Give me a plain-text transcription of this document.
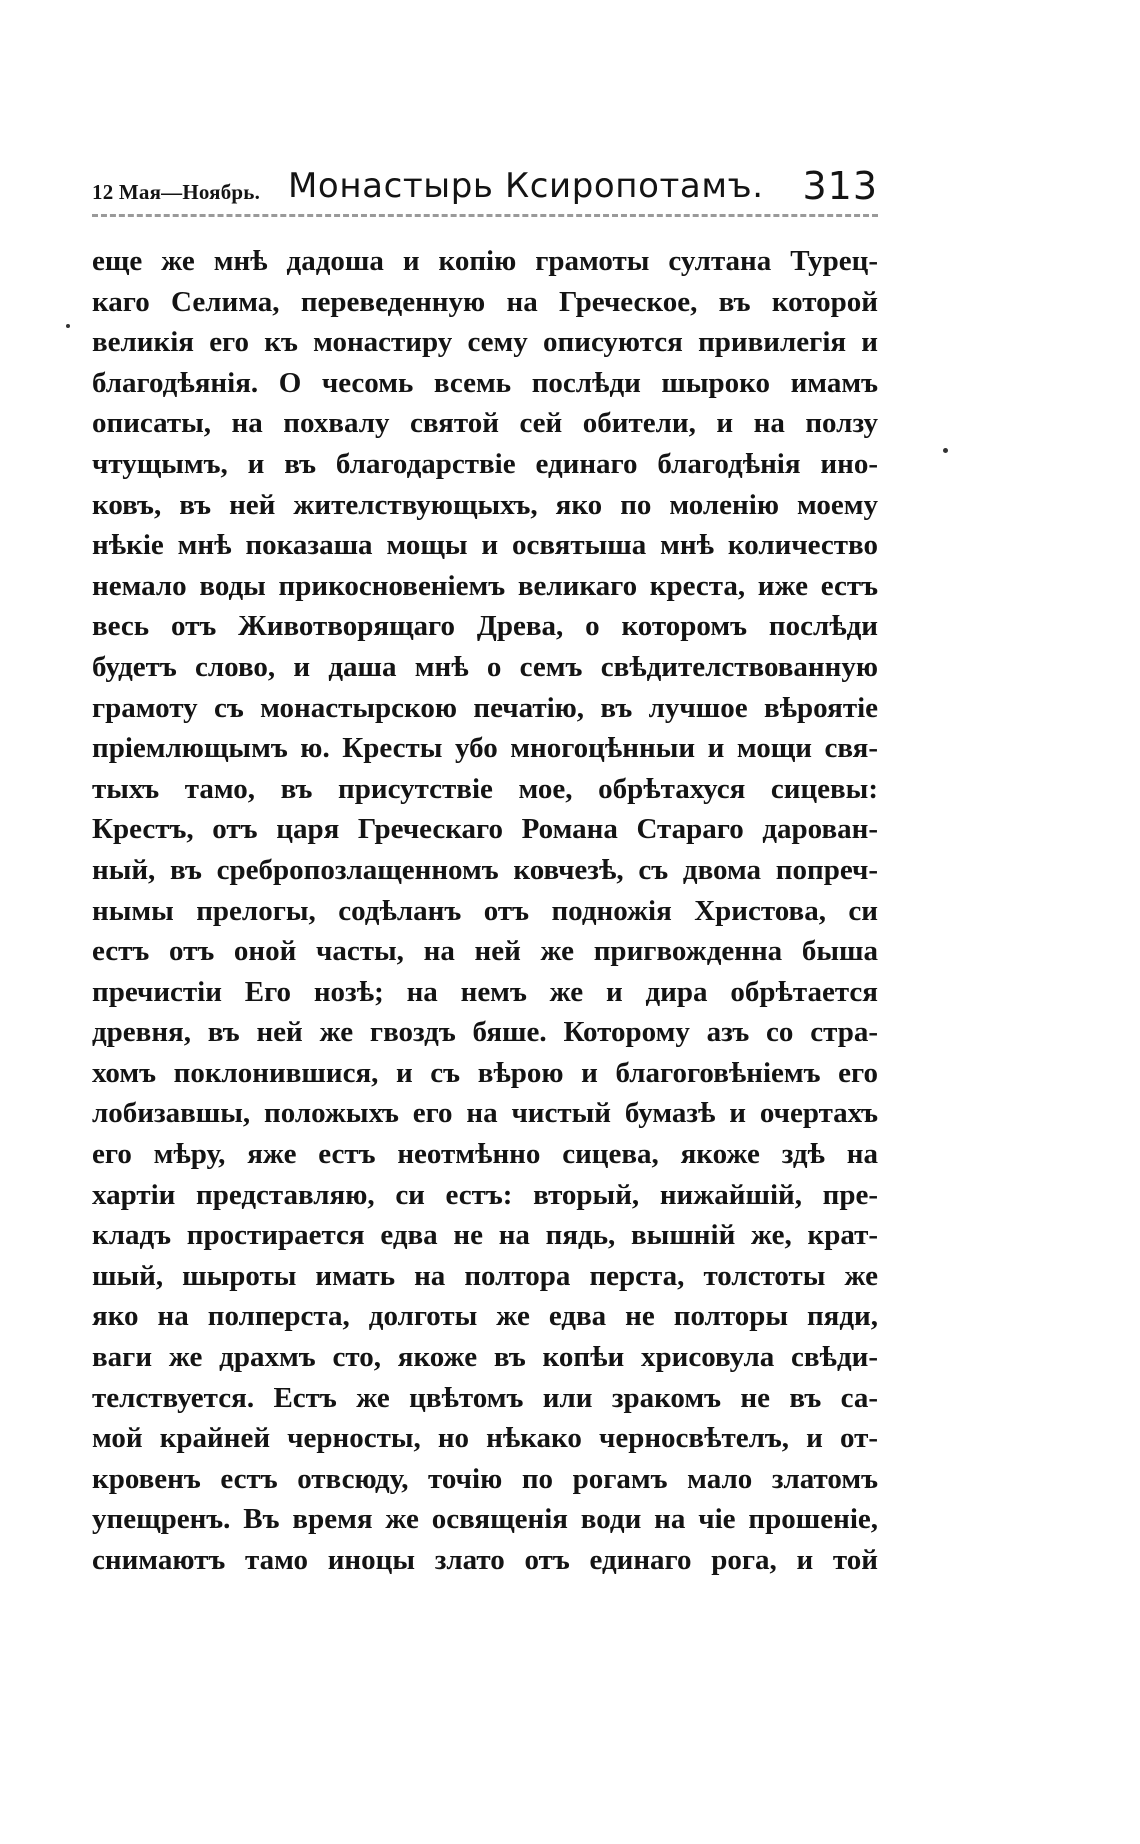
12 Мая—Ноябрь. Монастырь Ксиропотамъ. 313
еще же мнѣ дадоша и копію грамоты султана Турец-
каго Селима, переведенную на Греческое, въ которой
великія его къ монастиру сему описуются привилегія и
благодѣянія. О чесомь всемь послѣди шыроко имамъ
описаты, на похвалу святой сей обители, и на ползу
чтущымъ, и въ благодарствіе единаго благодѣнія ино-
ковъ, въ ней жителствующыхъ, яко по моленію моему
нѣкіе мнѣ показаша мощы и освятыша мнѣ количество
немало воды прикосновеніемъ великаго креста, иже естъ
весь отъ Животворящаго Древа, о которомъ послѣди
будетъ слово, и даша мнѣ о семъ свѣдителствованную
грамоту съ монастырскою печатію, въ лучшое вѣроятіе
пріемлющымъ ю. Кресты убо многоцѣнныи и мощи свя-
тыхъ тамо, въ присутствіе мое, обрѣтахуся сицевы:
Крестъ, отъ царя Греческаго Романа Стараго дарован-
ный, въ сребропозлащенномъ ковчезѣ, съ двома попреч-
нымы прелогы, содѣланъ отъ подножія Христова, си
естъ отъ оной часты, на ней же пригвожденна быша
пречистіи Его нозѣ; на немъ же и дира обрѣтается
древня, въ ней же гвоздъ бяше. Которому азъ со стра-
хомъ поклонившися, и съ вѣрою и благоговѣніемъ его
лобизавшы, положыхъ его на чистый бумазѣ и очертахъ
его мѣру, яже естъ неотмѣнно сицева, якоже здѣ на
хартіи представляю, си естъ: вторый, нижайшій, пре-
кладъ простирается едва не на пядь, вышній же, крат-
шый, шыроты имать на полтора перста, толстоты же
яко на полперста, долготы же едва не полторы пяди,
ваги же драхмъ сто, якоже въ копѣи хрисовула свѣди-
телствуется. Естъ же цвѣтомъ или зракомъ не въ са-
мой крайней черносты, но нѣкако черносвѣтелъ, и от-
кровенъ естъ отвсюду, точію по рогамъ мало златомъ
упещренъ. Въ время же освященія води на чіе прошеніе,
снимаютъ тамо иноцы злато отъ единаго рога, и той
